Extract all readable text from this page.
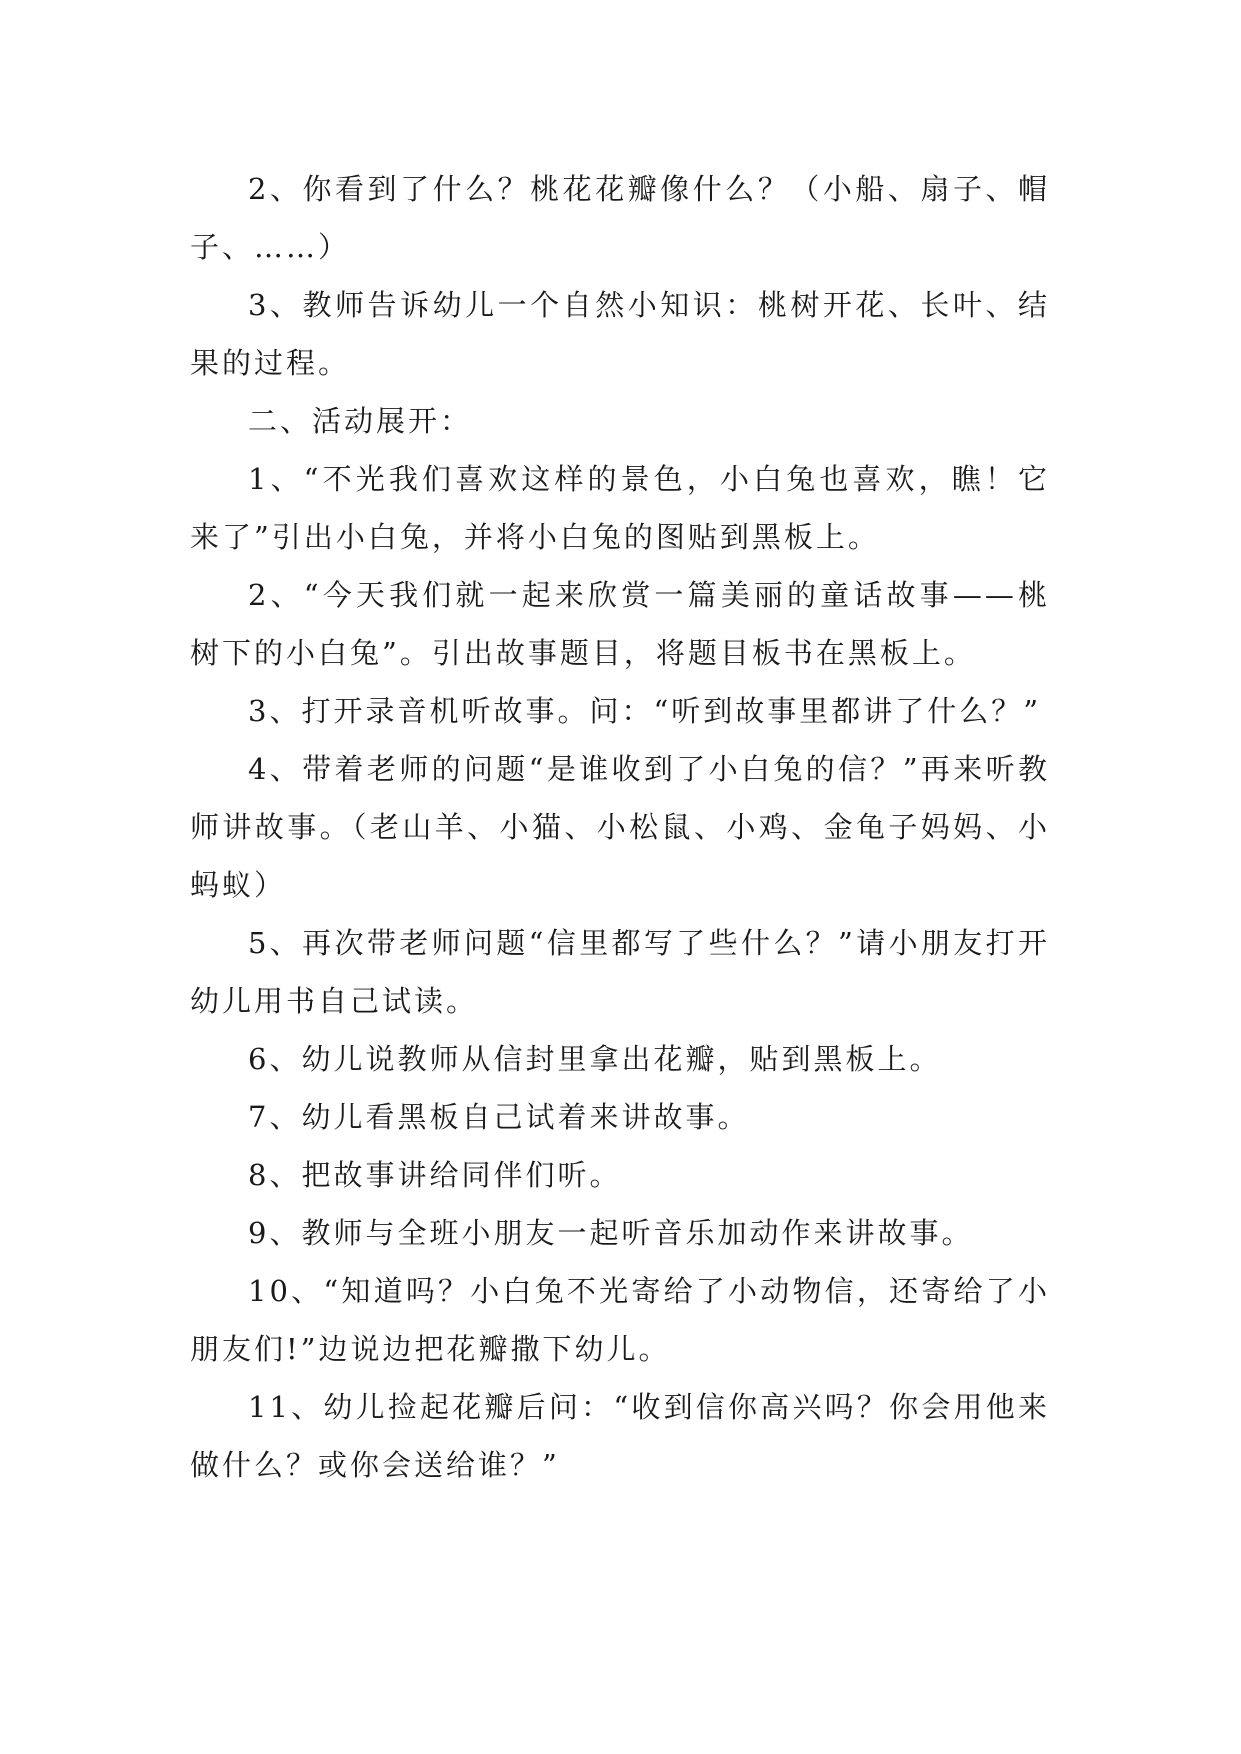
2、你看到了什么？桃花花瓣像什么？（小船、扇子、帽子、……）

3、教师告诉幼儿一个自然小知识：桃树开花、长叶、结果的过程。

二、活动展开：

1、“不光我们喜欢这样的景色，小白兔也喜欢，瞧！它来了”引出小白兔，并将小白兔的图贴到黑板上。

2、“今天我们就一起来欣赏一篇美丽的童话故事——桃树下的小白兔”。引出故事题目，将题目板书在黑板上。

3、打开录音机听故事。问：“听到故事里都讲了什么？”

4、带着老师的问题“是谁收到了小白兔的信？”再来听教师讲故事。（老山羊、小猫、小松鼠、小鸡、金龟子妈妈、小蚂蚁）

5、再次带老师问题“信里都写了些什么？”请小朋友打开幼儿用书自己试读。

6、幼儿说教师从信封里拿出花瓣，贴到黑板上。

7、幼儿看黑板自己试着来讲故事。

8、把故事讲给同伴们听。

9、教师与全班小朋友一起听音乐加动作来讲故事。

10、“知道吗？小白兔不光寄给了小动物信，还寄给了小朋友们!”边说边把花瓣撒下幼儿。

11、幼儿捡起花瓣后问：“收到信你高兴吗？你会用他来做什么？或你会送给谁？”
